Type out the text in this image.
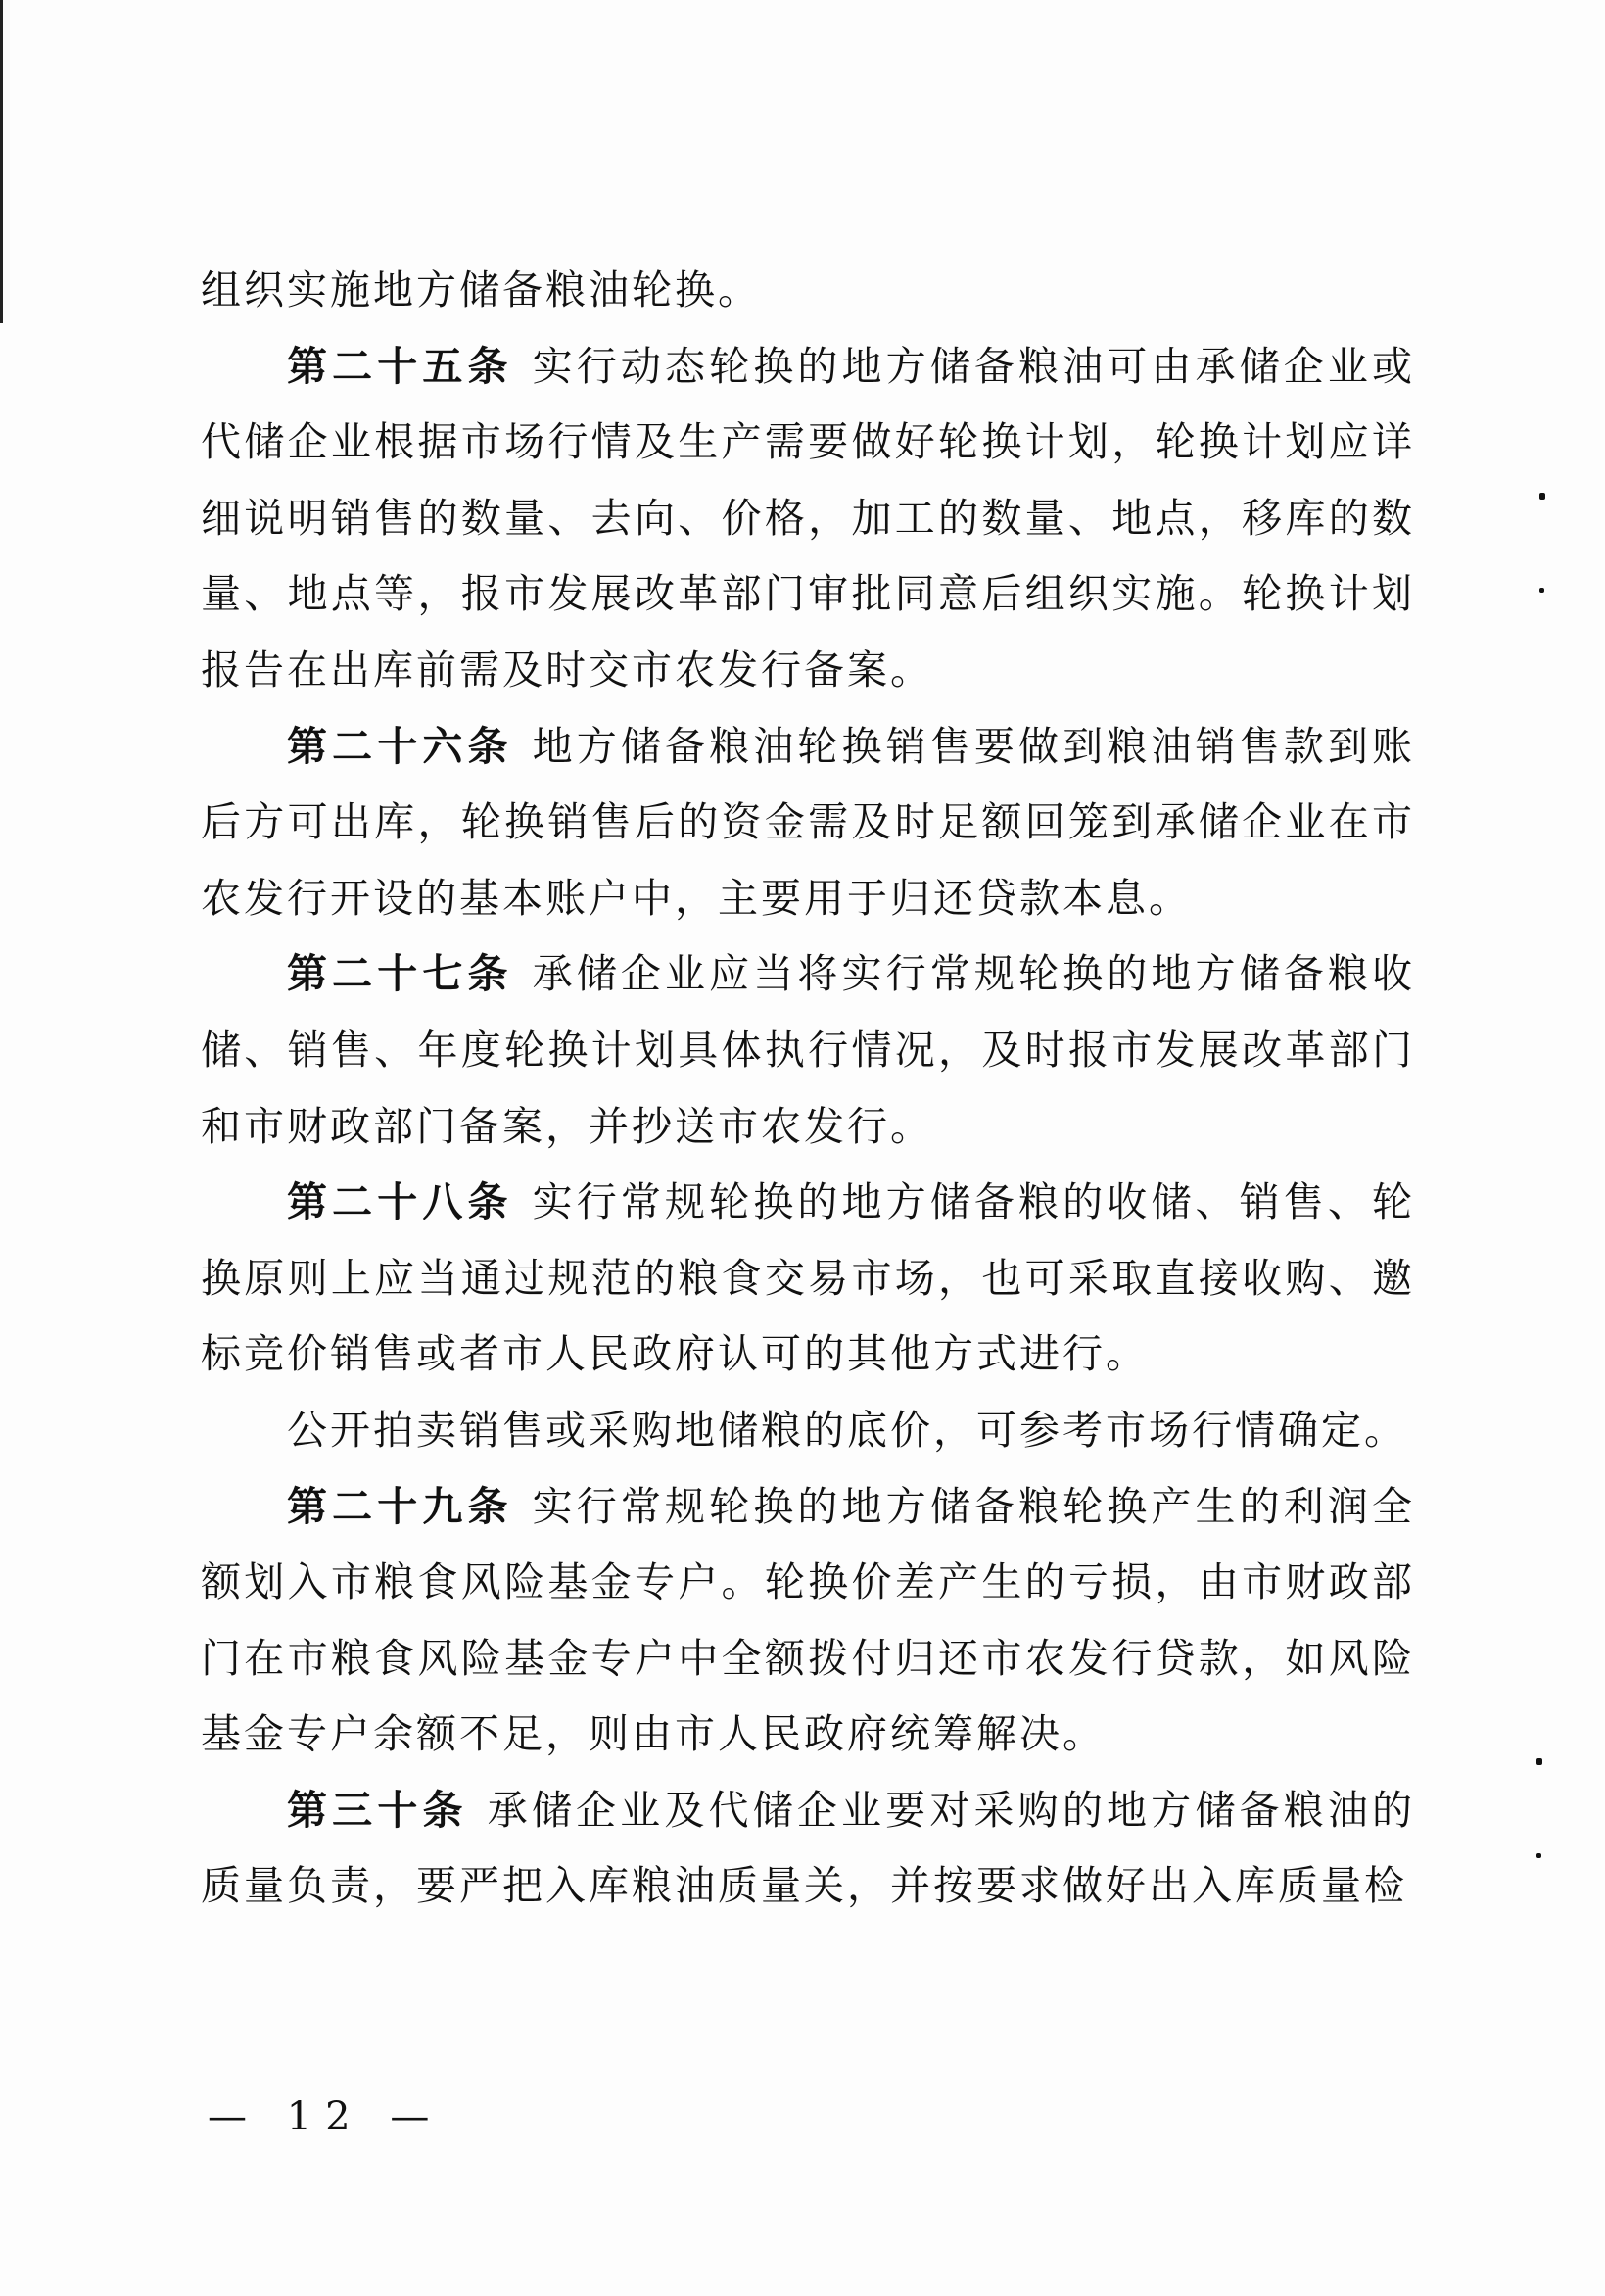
组织实施地方储备粮油轮换。

第二十五条 实行动态轮换的地方储备粮油可由承储企业或代储企业根据市场行情及生产需要做好轮换计划，轮换计划应详细说明销售的数量、去向、价格，加工的数量、地点，移库的数量、地点等，报市发展改革部门审批同意后组织实施。轮换计划报告在出库前需及时交市农发行备案。

第二十六条 地方储备粮油轮换销售要做到粮油销售款到账后方可出库，轮换销售后的资金需及时足额回笼到承储企业在市农发行开设的基本账户中，主要用于归还贷款本息。

第二十七条 承储企业应当将实行常规轮换的地方储备粮收储、销售、年度轮换计划具体执行情况，及时报市发展改革部门和市财政部门备案，并抄送市农发行。

第二十八条 实行常规轮换的地方储备粮的收储、销售、轮换原则上应当通过规范的粮食交易市场，也可采取直接收购、邀标竞价销售或者市人民政府认可的其他方式进行。

公开拍卖销售或采购地储粮的底价，可参考市场行情确定。

第二十九条 实行常规轮换的地方储备粮轮换产生的利润全额划入市粮食风险基金专户。轮换价差产生的亏损，由市财政部门在市粮食风险基金专户中全额拨付归还市农发行贷款，如风险基金专户余额不足，则由市人民政府统筹解决。

第三十条 承储企业及代储企业要对采购的地方储备粮油的质量负责，要严把入库粮油质量关，并按要求做好出入库质量检

— 12 —
